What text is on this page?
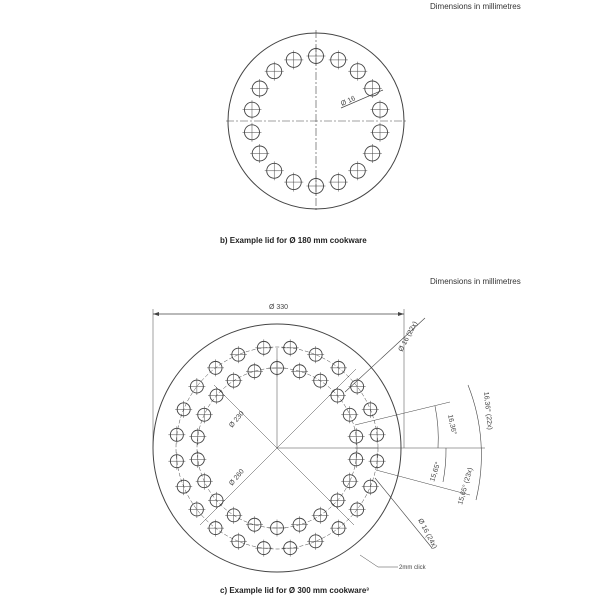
Dimensions in millimetres
b) Example lid for Ø 180 mm cookware
Dimensions in millimetres
c) Example lid for Ø 300 mm cookware³
Ø 16
Ø 330
Ø 230
Ø 260
Ø 16 (22x)
Ø 16 (24x)
16,36°
15,65°
16,36° (22x)
15,65° (23x)
2mm click
